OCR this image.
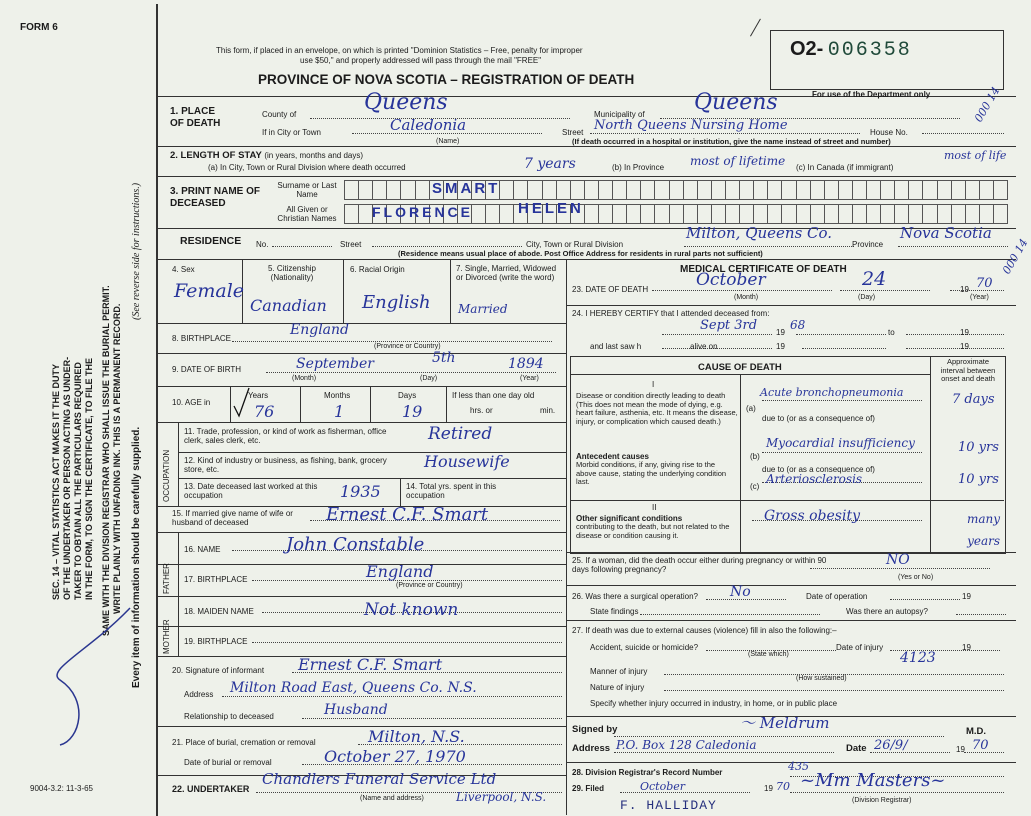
FORM 6
This form, if placed in an envelope, on which is printed "Dominion Statistics – Free, penalty for improper
use $50," and properly addressed will pass through the mail "FREE"
PROVINCE OF NOVA SCOTIA – REGISTRATION OF DEATH
O2- 006358
For use of the Department only	000 14
000 14
SEC. 14 – VITAL STATISTICS ACT MAKES IT THE DUTY OF THE UNDERTAKER OR PERSON ACTING AS UNDER- TAKER TO OBTAIN ALL THE PARTICULARS REQUIRED IN THE FORM, TO SIGN THE CERTIFICATE, TO FILE THE SAME WITH THE DIVISION REGISTRAR WHO SHALL ISSUE THE BURIAL PERMIT. WRITE PLAINLY WITH UNFADING INK. THIS IS A PERMANENT RECORD. Every item of information should be carefully supplied.
(See reverse side for instructions.)
1. PLACE OF DEATH
County of	Queens	Municipality of Queens
If in City or Town	Caledonia	Street North Queens Nursing Home	House No.
(Name)	(If death occurred in a hospital or institution, give the name instead of street and number)
2. LENGTH OF STAY (in years, months and days)
(a) In City, Town or Rural Division where death occurred	7 years	(b) In Province most of lifetime (c) In Canada (if immigrant)
most of life
3. PRINT NAME OF DECEASED
Surname or Last Name
All Given or Christian Names
SMART
FLORENCE	HELEN
RESIDENCE No.	Street	City, Town or Rural Division
Milton, Queens Co.
Province
Nova Scotia
(Residence means usual place of abode. Post Office Address for residents in rural parts not sufficient)
4. Sex
Female
5. Citizenship (Nationality)
Canadian
6. Racial Origin
English
7. Single, Married, Widowed or Divorced (write the word)
Married
8. BIRTHPLACE
England
(Province or Country)
9. DATE OF BIRTH	September	5th	1894
(Month)	(Day)	(Year)
10. AGE in
Years	Months	Days
76	1	19
If less than one day old
hrs. or	min.
OCCUPATION
11. Trade, profession, or kind of work as fisherman, office clerk, sales clerk, etc.	Retired
12. Kind of industry or business, as fishing, bank, grocery store, etc.	Housewife
13. Date deceased last worked at this occupation	1935	14. Total yrs. spent in this occupation
15. If married give name of wife or husband of deceased	Ernest C.F. Smart
FATHER
16. NAME	John Constable
17. BIRTHPLACE	England
(Province or Country)
MOTHER
18. MAIDEN NAME	Not known
19. BIRTHPLACE
20. Signature of informant Ernest C.F. Smart
Address Milton Road East, Queens Co. N.S.
Relationship to deceased	Husband
21. Place of burial, cremation or removal	Milton, N.S.
Date of burial or removal	October 27, 1970
22. UNDERTAKER
Chandlers Funeral Service Ltd
Liverpool, N.S.
(Name and address)
9004-3.2: 11-3-65
MEDICAL CERTIFICATE OF DEATH
23. DATE OF DEATH	October	24	19 70
(Month)	(Day)	(Year)
24. I HEREBY CERTIFY that I attended deceased from:
Sept 3rd	68
19	to	19
and last saw h	alive on	19	19
CAUSE OF DEATH
Approximate interval between onset and death
I
Disease or condition directly leading to death (This does not mean the mode of dying, e.g. heart failure, asthenia, etc. It means the disease, injury, or complication which caused death.)
Antecedent causes
Morbid conditions, if any, giving rise to the above cause, stating the underlying condition last.
II
Other significant conditions
contributing to the death, but not related to the disease or condition causing it.
(a)
(b)
(c)
due to (or as a consequence of)
due to (or as a consequence of)
Acute bronchopneumonia	7 days
Myocardial insufficiency	10 yrs
Arteriosclerosis	10 yrs
Gross obesity	many years
25. If a woman, did the death occur either during pregnancy or within 90 days following pregnancy?
NO
(Yes or No)
26. Was there a surgical operation? No	Date of operation	19
State findings	Was there an autopsy?
27. If death was due to external causes (violence) fill in also the following:–
Accident, suicide or homicide?
(State which)
Date of injury	19
4123
Manner of injury
(How sustained)
Nature of injury
Specify whether injury occurred in industry, in home, or in public place
Signed by	〜 Meldrum	M.D.
Address P.O. Box 128 Caledonia	Date 26/9/	19 70
28. Division Registrar's Record Number	435
29. Filed	October	19 70 ~Mm Masters~
(Division Registrar)
F. HALLIDAY
